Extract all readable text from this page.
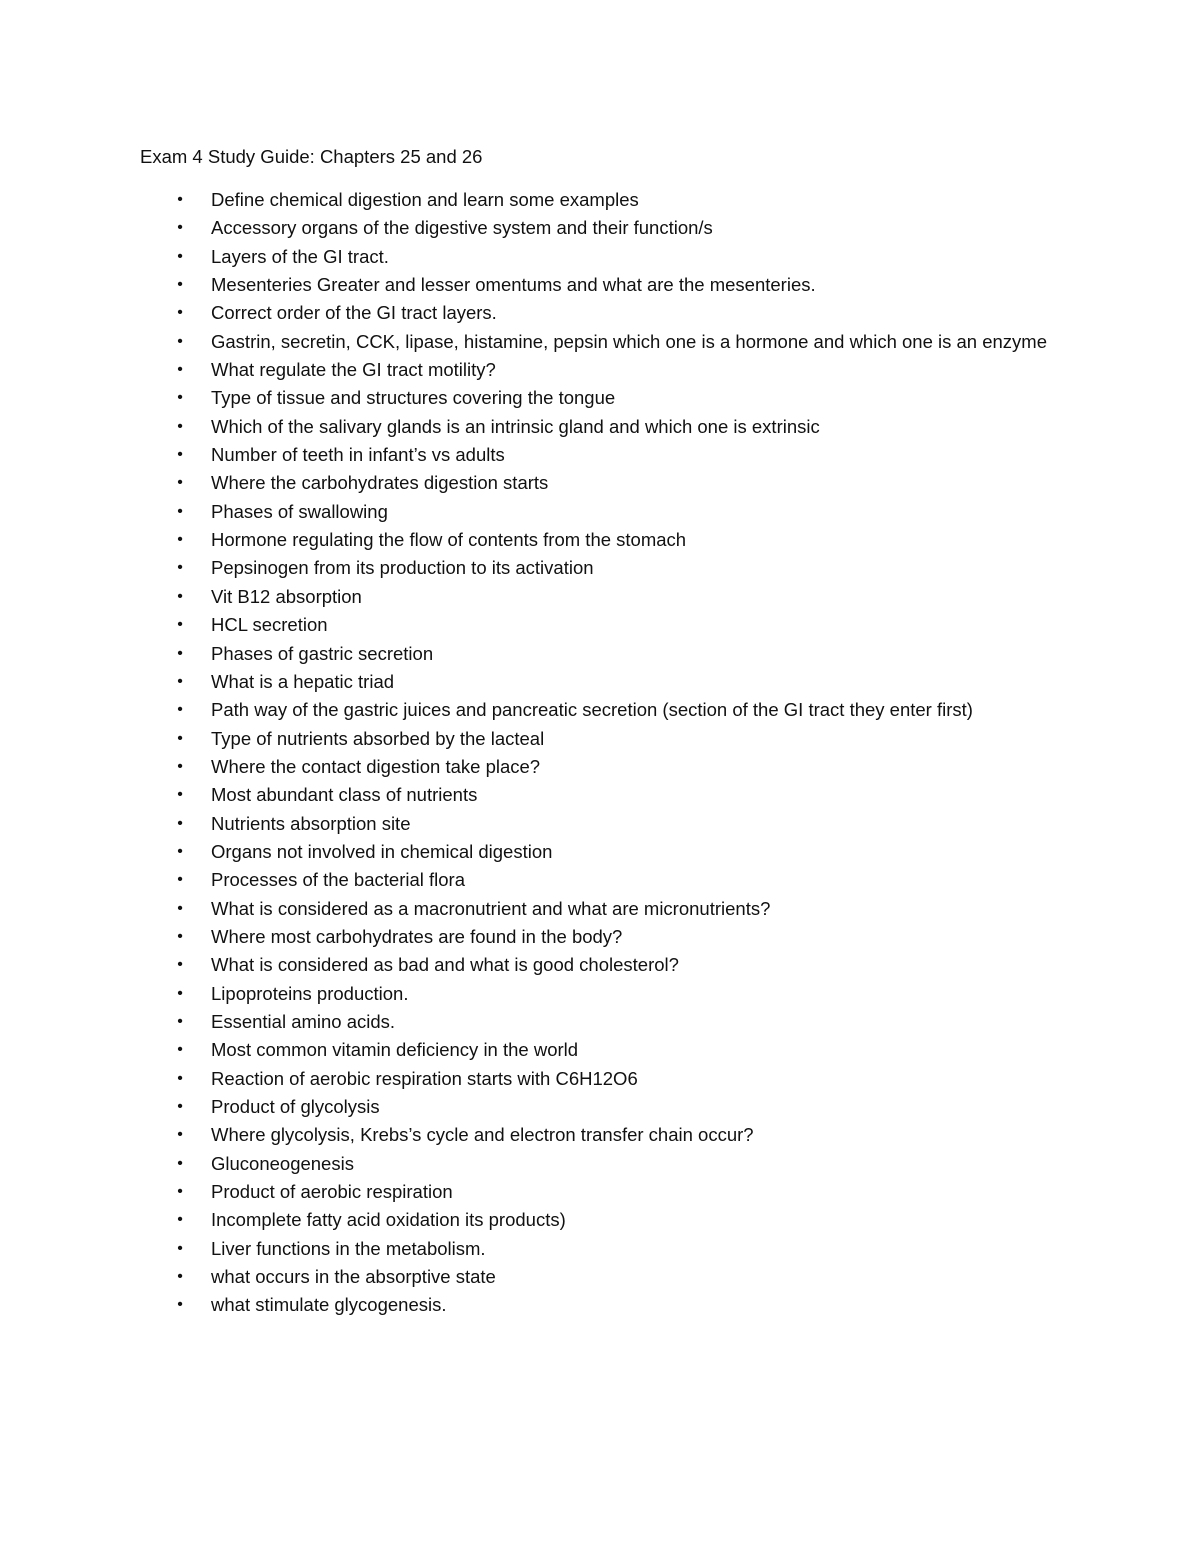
Exam 4 Study Guide: Chapters 25 and 26
• Define chemical digestion and learn some examples
• Accessory organs of the digestive system and their function/s
• Layers of the GI tract.
• Mesenteries Greater and lesser omentums and what are the mesenteries.
• Correct order of the GI tract layers.
• Gastrin, secretin, CCK, lipase, histamine, pepsin which one is a hormone and which one is an enzyme
• What regulate the GI tract motility?
• Type of tissue and structures covering the tongue
• Which of the salivary glands is an intrinsic gland and which one is extrinsic
• Number of teeth in infant’s vs adults
• Where the carbohydrates digestion starts
• Phases of swallowing
• Hormone regulating the flow of contents from the stomach
• Pepsinogen from its production to its activation
• Vit B12 absorption
• HCL secretion
• Phases of gastric secretion
• What is a hepatic triad
• Path way of the gastric juices and pancreatic secretion (section of the GI tract they enter first)
• Type of nutrients absorbed by the lacteal
• Where the contact digestion take place?
• Most abundant class of nutrients
• Nutrients absorption site
• Organs not involved in chemical digestion
• Processes of the bacterial flora
• What is considered as a macronutrient and what are micronutrients?
• Where most carbohydrates are found in the body?
• What is considered as bad and what is good cholesterol?
• Lipoproteins production.
• Essential amino acids.
• Most common vitamin deficiency in the world
• Reaction of aerobic respiration starts with C6H12O6
• Product of glycolysis
• Where glycolysis, Krebs’s cycle and electron transfer chain occur?
• Gluconeogenesis
• Product of aerobic respiration
• Incomplete fatty acid oxidation its products)
• Liver functions in the metabolism.
• what occurs in the absorptive state
• what stimulate glycogenesis.
